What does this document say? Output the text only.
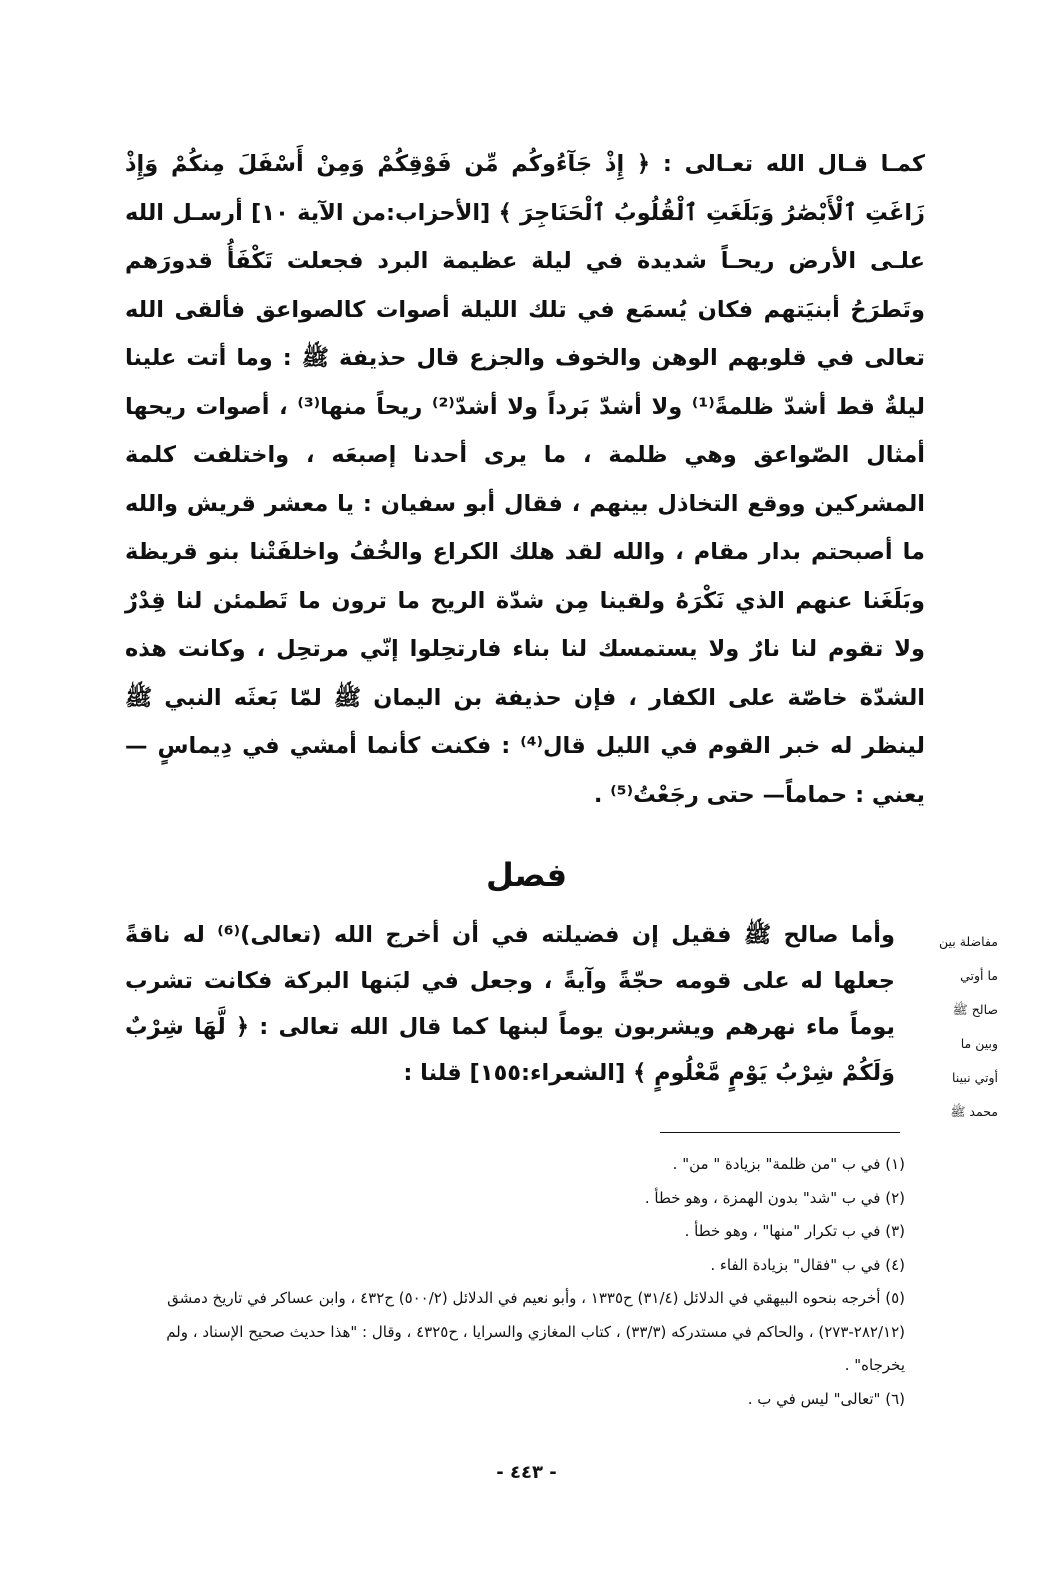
كمـا قـال الله تعـالى : ﴿ إِذْ جَآءُوكُم مِّن فَوْقِكُمْ وَمِنْ أَسْفَلَ مِنكُمْ وَإِذْ زَاغَتِ ٱلْأَبْصَٰرُ وَبَلَغَتِ ٱلْقُلُوبُ ٱلْحَنَاجِرَ ﴾ [الأحزاب:من الآية ١٠] أرسـل الله علـى الأرض ريحـاً شديدة في ليلة عظيمة البرد فجعلت تَكْفَأُ قدورَهم وتَطرَحُ أبنيَتهم فكان يُسمَع في تلك الليلة أصوات كالصواعق فألقى الله تعالى في قلوبهم الوهن والخوف والجزع قال حذيفة ﷺ : وما أتت علينا ليلةٌ قط أشدّ ظلمةً⁽¹⁾ ولا أشدّ بَرداً ولا أشدّ⁽²⁾ ريحاً منها⁽³⁾ ، أصوات ريحها أمثال الصّواعق وهي ظلمة ، ما يرى أحدنا إصبعَه ، واختلفت كلمة المشركين ووقع التخاذل بينهم ، فقال أبو سفيان : يا معشر قريش والله ما أصبحتم بدار مقام ، والله لقد هلك الكراع والخُفُ واخلفَتْنا بنو قريظة وبَلَغَنا عنهم الذي نَكْرَهُ ولقينا مِن شدّة الريح ما ترون ما تَطمئن لنا قِدْرٌ ولا تقوم لنا نارٌ ولا يستمسك لنا بناء فارتحِلوا إنّي مرتحِل ، وكانت هذه الشدّة خاصّة على الكفار ، فإن حذيفة بن اليمان ﷺ لمّا بَعثَه النبي ﷺ لينظر له خبر القوم في الليل قال⁽⁴⁾ : فكنت كأنما أمشي في دِيماسٍ —يعني : حماماً— حتى رجَعْتُ⁽⁵⁾ .

فصل

وأما صالح ﷺ فقيل إن فضيلته في أن أخرج الله (تعالى)⁽⁶⁾ له ناقةً جعلها له على قومه حجّةً وآيةً ، وجعل في لبَنها البركة فكانت تشرب يوماً ماء نهرهم ويشربون يوماً لبنها كما قال الله تعالى : ﴿ لَّهَا شِرْبٌ وَلَكُمْ شِرْبُ يَوْمٍ مَّعْلُومٍ ﴾ [الشعراء:١٥٥] قلنا :

مفاضلة بين
ما أوتي
صالح ﷺ
وبين ما
أوتي نبينا
محمد ﷺ
(١) في ب "من ظلمة" بزيادة " من" .
(٢) في ب "شد" بدون الهمزة ، وهو خطأ .
(٣) في ب تكرار "منها" ، وهو خطأ .
(٤) في ب "فقال" بزيادة الفاء .
(٥) أخرجه بنحوه البيهقي في الدلائل (٣١/٤) ح١٣٣٥ ، وأبو نعيم في الدلائل (٥٠٠/٢) ح٤٣٢ ، وابن عساكر في تاريخ دمشق (٢٨٢/١٢-٢٧٣) ، والحاكم في مستدركه (٣٣/٣) ، كتاب المغازي والسرايا ، ح٤٣٢٥ ، وقال : "هذا حديث صحيح الإسناد ، ولم يخرجاه" .
(٦) "تعالى" ليس في ب .
- ٤٤٣ -
